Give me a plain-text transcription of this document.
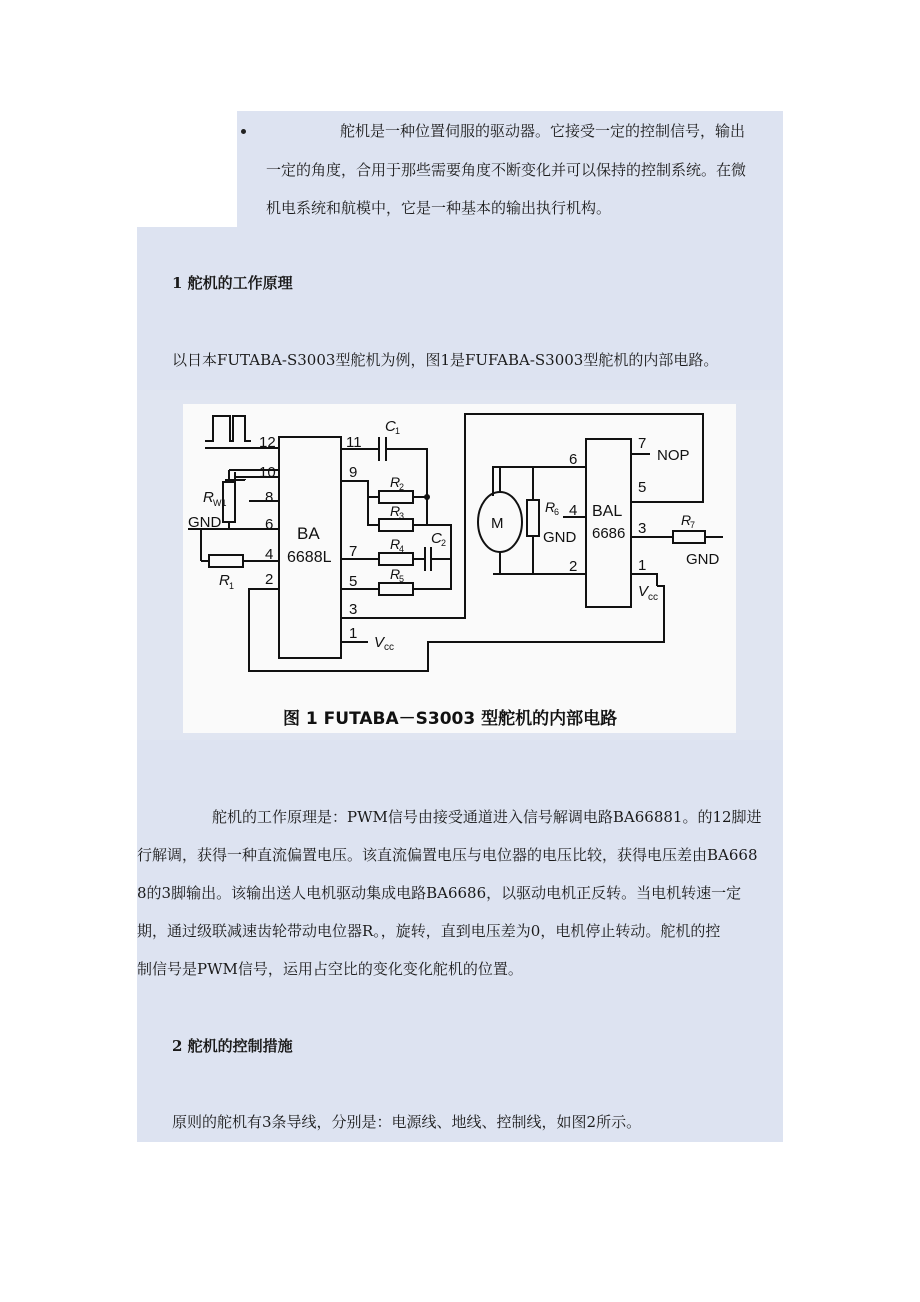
舵机是一种位置伺服的驱动器。它接受一定的控制信号，输出
一定的角度，合用于那些需要角度不断变化并可以保持的控制系统。在微
机电系统和航模中，它是一种基本的输出执行机构。
1 舵机的工作原理
以日本FUTABA-S3003型舵机为例，图1是FUFABA-S3003型舵机的内部电路。
BA
6688L
BAL
6686
M
12
10
8
6
4
2
11
9
7
5
3
1
6
4
2
7
5
3
1
GND
GND
GND
NOP
V cc
V cc
R W1
R 1
R
2
R
3
R
4
R
5
R
6	R
7
C 1
C 2
图 1 FUTABA－S3003 型舵机的内部电路
舵机的工作原理是：PWM信号由接受通道进入信号解调电路BA66881。的12脚进
行解调，获得一种直流偏置电压。该直流偏置电压与电位器的电压比较，获得电压差由BA668
8的3脚输出。该输出送人电机驱动集成电路BA6686，以驱动电机正反转。当电机转速一定
期，通过级联减速齿轮带动电位器R。，旋转，直到电压差为0，电机停止转动。舵机的控
制信号是PWM信号，运用占空比的变化变化舵机的位置。
2 舵机的控制措施
原则的舵机有3条导线，分别是：电源线、地线、控制线，如图2所示。
